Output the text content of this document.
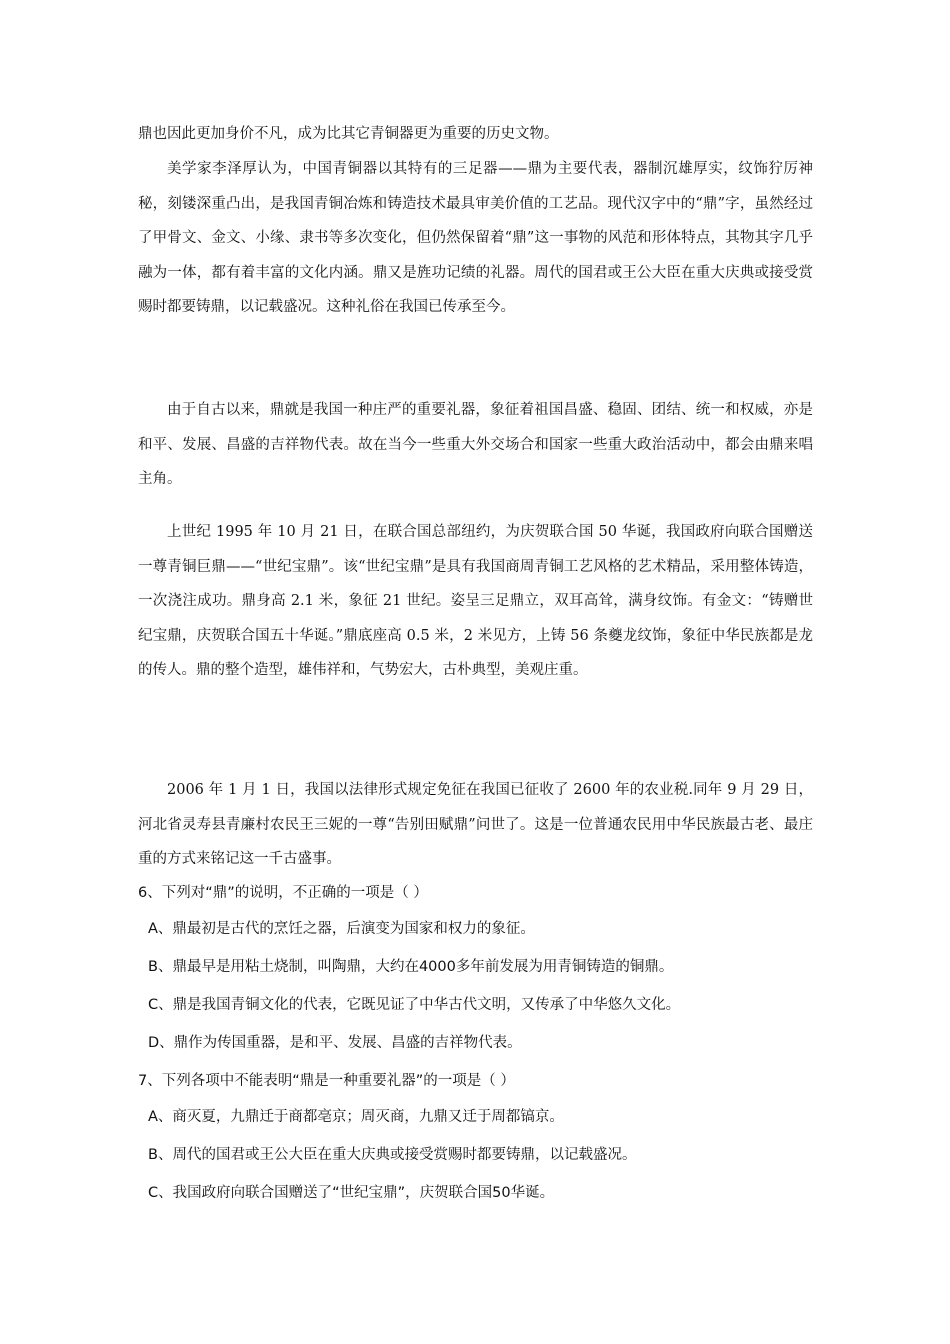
鼎也因此更加身价不凡，成为比其它青铜器更为重要的历史文物。

美学家李泽厚认为，中国青铜器以其特有的三足器——鼎为主要代表，器制沉雄厚实，纹饰狞厉神秘，刻镂深重凸出，是我国青铜冶炼和铸造技术最具审美价值的工艺品。现代汉字中的“鼎”字，虽然经过了甲骨文、金文、小缘、隶书等多次变化，但仍然保留着“鼎”这一事物的风范和形体特点，其物其字几乎融为一体，都有着丰富的文化内涵。鼎又是旌功记绩的礼器。周代的国君或王公大臣在重大庆典或接受赏赐时都要铸鼎，以记载盛况。这种礼俗在我国已传承至今。

由于自古以来，鼎就是我国一种庄严的重要礼器，象征着祖国昌盛、稳固、团结、统一和权威，亦是和平、发展、昌盛的吉祥物代表。故在当今一些重大外交场合和国家一些重大政治活动中，都会由鼎来唱主角。

上世纪 1995 年 10 月 21 日，在联合国总部纽约，为庆贺联合国 50 华诞，我国政府向联合国赠送一尊青铜巨鼎——“世纪宝鼎”。该“世纪宝鼎”是具有我国商周青铜工艺风格的艺术精品，采用整体铸造，一次浇注成功。鼎身高 2.1 米，象征 21 世纪。姿呈三足鼎立，双耳高耸，满身纹饰。有金文：“铸赠世纪宝鼎，庆贺联合国五十华诞。”鼎底座高 0.5 米，2 米见方，上铸 56 条夔龙纹饰，象征中华民族都是龙的传人。鼎的整个造型，雄伟祥和，气势宏大，古朴典型，美观庄重。

2006 年 1 月 1 日，我国以法律形式规定免征在我国已征收了 2600 年的农业税.同年 9 月 29 日，河北省灵寿县青廉村农民王三妮的一尊“告别田赋鼎”问世了。这是一位普通农民用中华民族最古老、最庄重的方式来铭记这一千古盛事。

6、下列对“鼎”的说明，不正确的一项是（ ）

A、鼎最初是古代的烹饪之器，后演变为国家和权力的象征。

B、鼎最早是用粘土烧制，叫陶鼎，大约在4000多年前发展为用青铜铸造的铜鼎。

C、鼎是我国青铜文化的代表，它既见证了中华古代文明，又传承了中华悠久文化。

D、鼎作为传国重器，是和平、发展、昌盛的吉祥物代表。

7、下列各项中不能表明“鼎是一种重要礼器”的一项是（ ）

A、商灭夏，九鼎迁于商都亳京；周灭商，九鼎又迁于周都镐京。

B、周代的国君或王公大臣在重大庆典或接受赏赐时都要铸鼎，以记载盛况。

C、我国政府向联合国赠送了“世纪宝鼎”，庆贺联合国50华诞。
